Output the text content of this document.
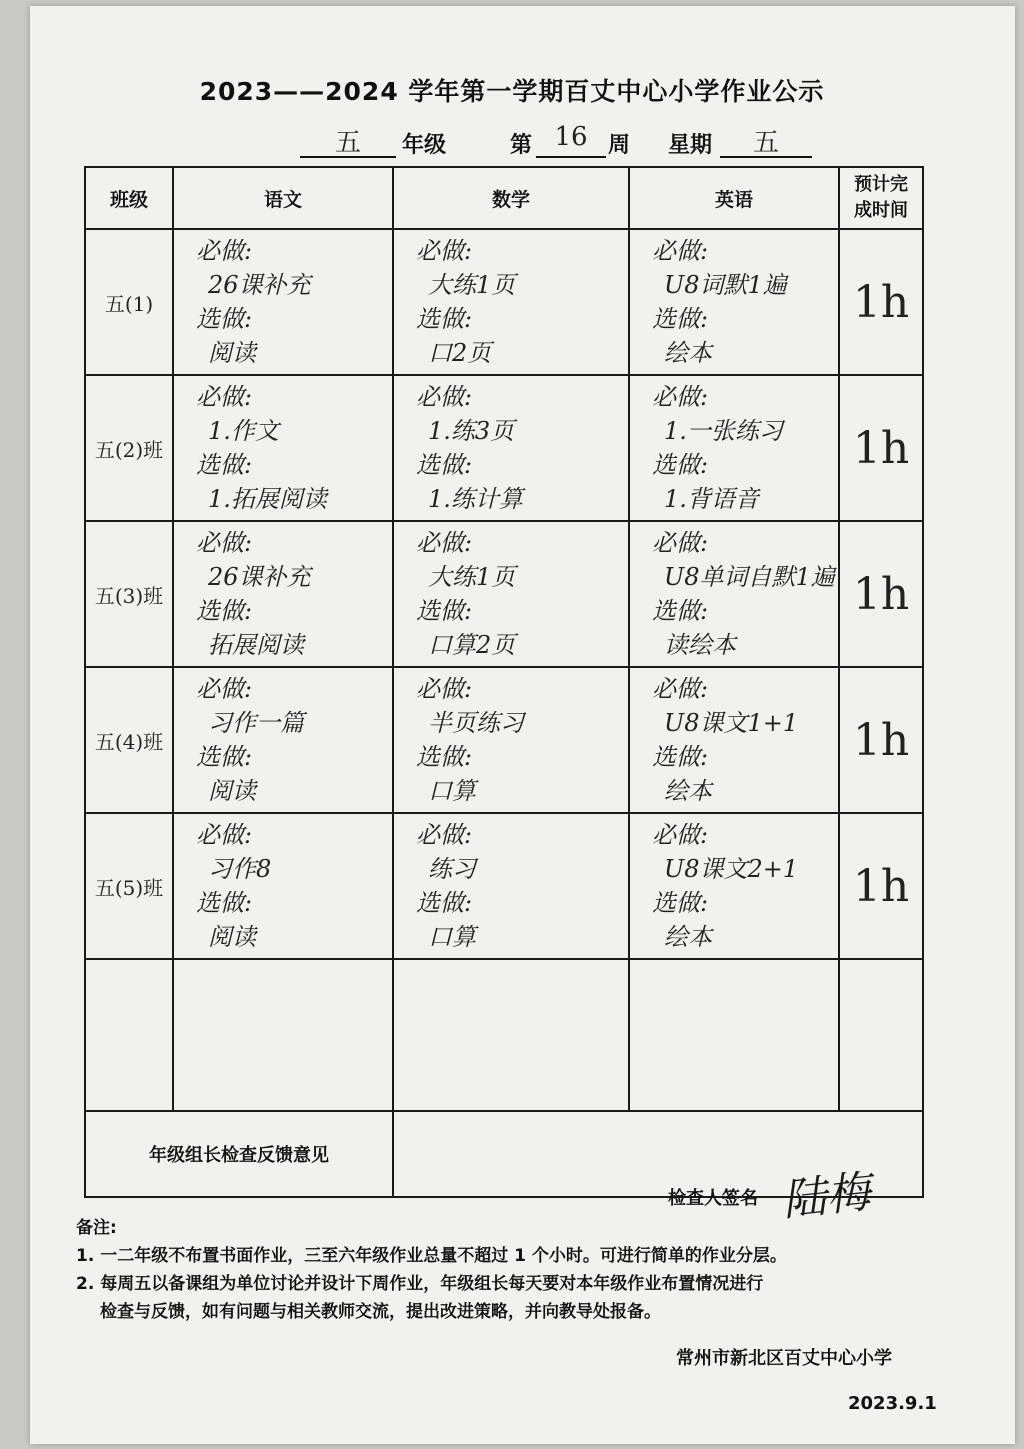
2023——2024 学年第一学期百丈中心小学作业公示
五	年级	第 16 周 星期	五
班级	语文	数学	英语	预计完
成时间
五(1)	必做:
26课补充
选做:
阅读	必做:
大练1页
选做:
口2页	必做:
U8词默1遍
选做:
绘本	1h
五(2)班	必做:
1.作文
选做:
1.拓展阅读	必做:
1.练3页
选做:
1.练计算	必做:
1.一张练习
选做:
1.背语音	1h
五(3)班	必做:
26课补充
选做:
拓展阅读	必做:
大练1页
选做:
口算2页	必做:
U8单词自默1遍
选做:
读绘本	1h
五(4)班	必做:
习作一篇
选做:
阅读	必做:
半页练习
选做:
口算	必做:
U8课文1+1
选做:
绘本	1h
五(5)班	必做:
习作8
选做:
阅读	必做:
练习
选做:
口算	必做:
U8课文2+1
选做:
绘本	1h

年级组长检查反馈意见				
检查人签名 陆梅
备注:
1. 一二年级不布置书面作业，三至六年级作业总量不超过 1 个小时。可进行简单的作业分层。
2. 每周五以备课组为单位讨论并设计下周作业，年级组长每天要对本年级作业布置情况进行
检查与反馈，如有问题与相关教师交流，提出改进策略，并向教导处报备。
常州市新北区百丈中心小学
2023.9.1
